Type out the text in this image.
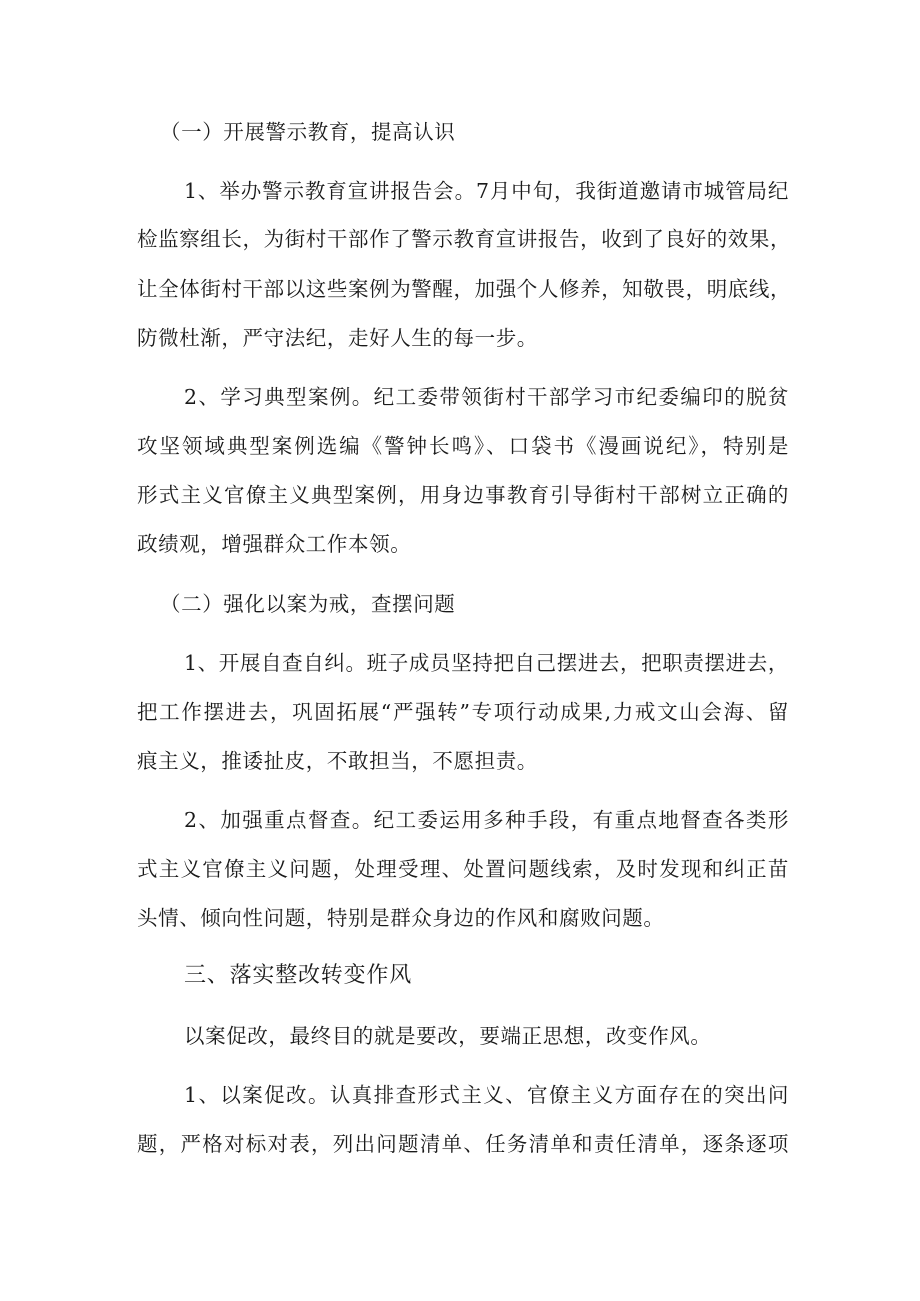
（一）开展警示教育，提高认识
1、举办警示教育宣讲报告会。7月中旬，我街道邀请市城管局纪
检监察组长，为街村干部作了警示教育宣讲报告，收到了良好的效果，
让全体街村干部以这些案例为警醒，加强个人修养，知敬畏，明底线，
防微杜渐，严守法纪，走好人生的每一步。
2、学习典型案例。纪工委带领街村干部学习市纪委编印的脱贫
攻坚领域典型案例选编《警钟长鸣》、口袋书《漫画说纪》，特别是
形式主义官僚主义典型案例，用身边事教育引导街村干部树立正确的
政绩观，增强群众工作本领。
（二）强化以案为戒，查摆问题
1、开展自查自纠。班子成员坚持把自己摆进去，把职责摆进去，
把工作摆进去，巩固拓展“严强转”专项行动成果,力戒文山会海、留
痕主义，推诿扯皮，不敢担当，不愿担责。
2、加强重点督查。纪工委运用多种手段，有重点地督查各类形
式主义官僚主义问题，处理受理、处置问题线索，及时发现和纠正苗
头情、倾向性问题，特别是群众身边的作风和腐败问题。
三、落实整改转变作风
以案促改，最终目的就是要改，要端正思想，改变作风。
1、以案促改。认真排查形式主义、官僚主义方面存在的突出问
题，严格对标对表，列出问题清单、任务清单和责任清单，逐条逐项
